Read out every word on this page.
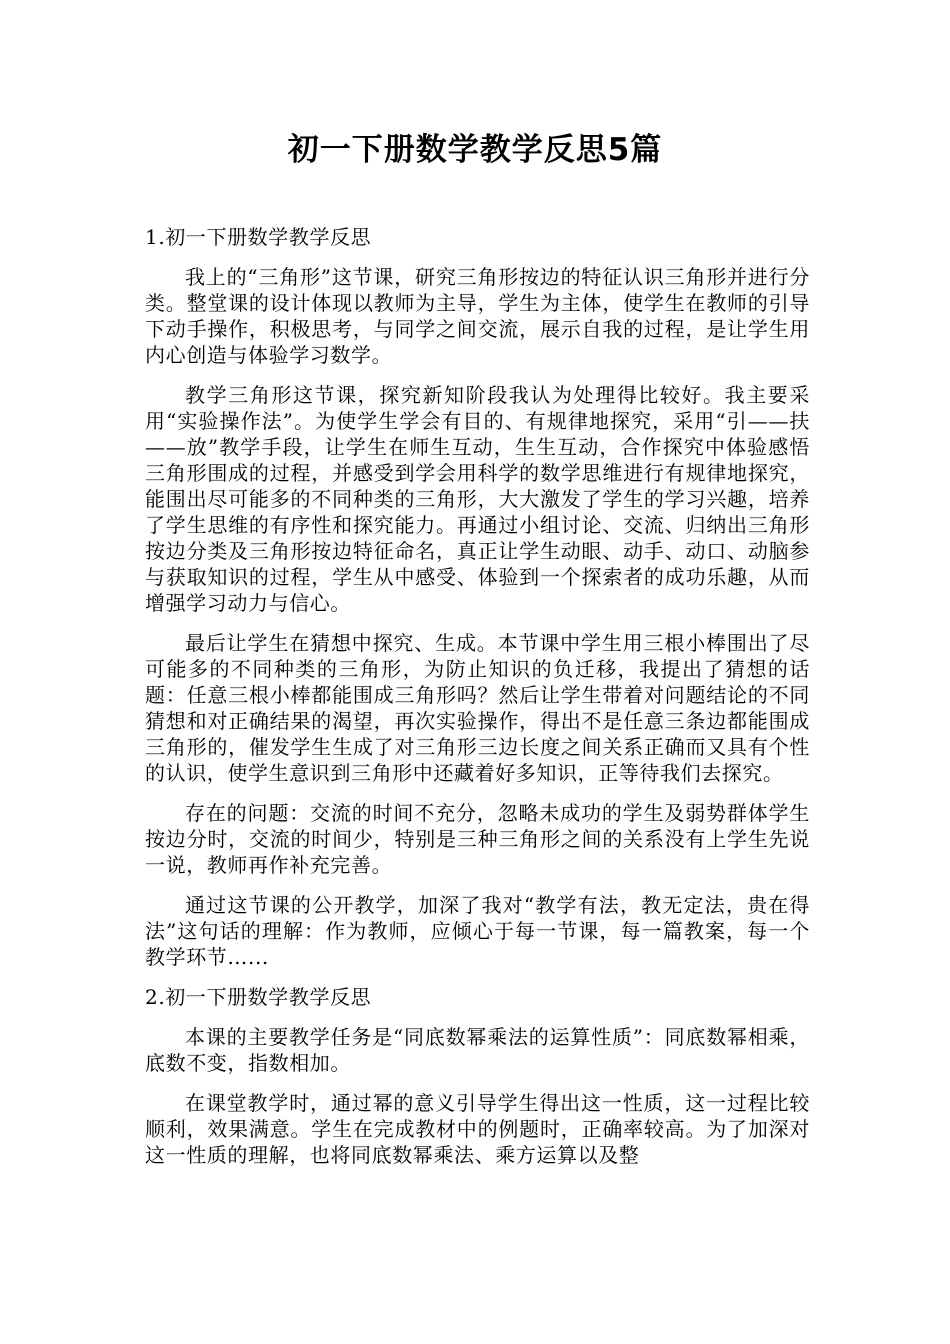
初一下册数学教学反思5篇

1.初一下册数学教学反思

我上的“三角形”这节课，研究三角形按边的特征认识三角形并进行分类。整堂课的设计体现以教师为主导，学生为主体，使学生在教师的引导下动手操作，积极思考，与同学之间交流，展示自我的过程，是让学生用内心创造与体验学习数学。

教学三角形这节课，探究新知阶段我认为处理得比较好。我主要采用“实验操作法”。为使学生学会有目的、有规律地探究，采用“引——扶——放”教学手段，让学生在师生互动，生生互动，合作探究中体验感悟三角形围成的过程，并感受到学会用科学的数学思维进行有规律地探究，能围出尽可能多的不同种类的三角形，大大激发了学生的学习兴趣，培养了学生思维的有序性和探究能力。再通过小组讨论、交流、归纳出三角形按边分类及三角形按边特征命名，真正让学生动眼、动手、动口、动脑参与获取知识的过程，学生从中感受、体验到一个探索者的成功乐趣，从而增强学习动力与信心。

最后让学生在猜想中探究、生成。本节课中学生用三根小棒围出了尽可能多的不同种类的三角形，为防止知识的负迁移，我提出了猜想的话题：任意三根小棒都能围成三角形吗？然后让学生带着对问题结论的不同猜想和对正确结果的渴望，再次实验操作，得出不是任意三条边都能围成三角形的，催发学生生成了对三角形三边长度之间关系正确而又具有个性的认识，使学生意识到三角形中还藏着好多知识，正等待我们去探究。

存在的问题：交流的时间不充分，忽略未成功的学生及弱势群体学生按边分时，交流的时间少，特别是三种三角形之间的关系没有上学生先说一说，教师再作补充完善。

通过这节课的公开教学，加深了我对“教学有法，教无定法，贵在得法”这句话的理解：作为教师，应倾心于每一节课，每一篇教案，每一个教学环节…...

2.初一下册数学教学反思

本课的主要教学任务是“同底数幂乘法的运算性质”：同底数幂相乘，底数不变，指数相加。

在课堂教学时，通过幂的意义引导学生得出这一性质，这一过程比较顺利，效果满意。学生在完成教材中的例题时，正确率较高。为了加深对这一性质的理解，也将同底数幂乘法、乘方运算以及整
